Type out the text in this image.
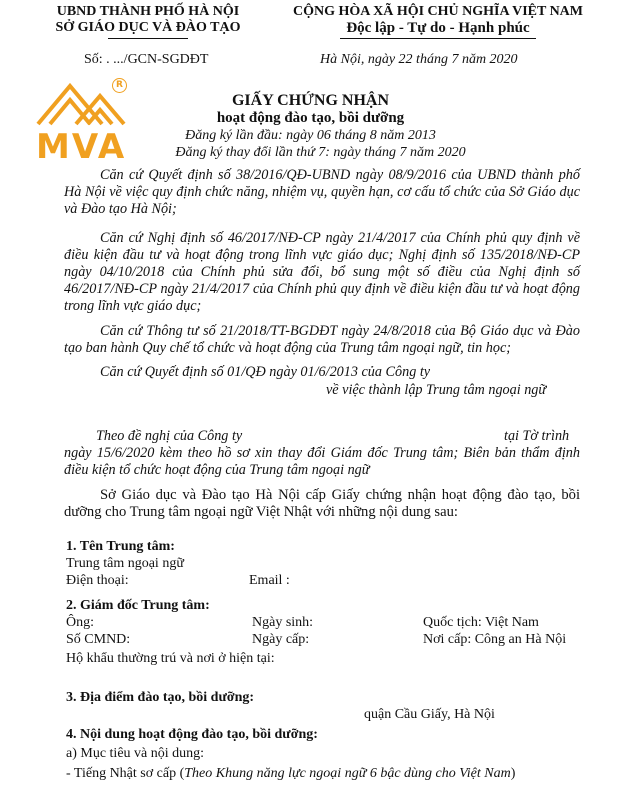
UBND THÀNH PHỐ HÀ NỘI
SỞ GIÁO DỤC VÀ ĐÀO TẠO
CỘNG HÒA XÃ HỘI CHỦ NGHĨA VIỆT NAM
Độc lập - Tự do - Hạnh phúc
Số: . .../GCN-SGDĐT	Hà Nội, ngày 22 tháng 7 năm 2020
R
MVA
GIẤY CHỨNG NHẬN
hoạt động đào tạo, bồi dưỡng
Đăng ký lần đầu: ngày 06 tháng 8 năm 2013
Đăng ký thay đổi lần thứ 7: ngày tháng 7 năm 2020
Căn cứ Quyết định số 38/2016/QĐ-UBND ngày 08/9/2016 của UBND thành phố Hà Nội về việc quy định chức năng, nhiệm vụ, quyền hạn, cơ cấu tổ chức của Sở Giáo dục và Đào tạo Hà Nội;
Căn cứ Nghị định số 46/2017/NĐ-CP ngày 21/4/2017 của Chính phủ quy định về điều kiện đầu tư và hoạt động trong lĩnh vực giáo dục; Nghị định số 135/2018/NĐ-CP ngày 04/10/2018 của Chính phủ sửa đổi, bổ sung một số điều của Nghị định số 46/2017/NĐ-CP ngày 21/4/2017 của Chính phủ quy định về điều kiện đầu tư và hoạt động trong lĩnh vực giáo dục;
Căn cứ Thông tư số 21/2018/TT-BGDĐT ngày 24/8/2018 của Bộ Giáo dục và Đào tạo ban hành Quy chế tổ chức và hoạt động của Trung tâm ngoại ngữ, tin học;
Căn cứ Quyết định số 01/QĐ ngày 01/6/2013 của Công ty
về việc thành lập Trung tâm ngoại ngữ
Theo đề nghị của Công ty	tại Tờ trình
ngày 15/6/2020 kèm theo hồ sơ xin thay đổi Giám đốc Trung tâm; Biên bản thẩm định điều kiện tổ chức hoạt động của Trung tâm ngoại ngữ
Sở Giáo dục và Đào tạo Hà Nội cấp Giấy chứng nhận hoạt động đào tạo, bồi dưỡng cho Trung tâm ngoại ngữ Việt Nhật với những nội dung sau:
1. Tên Trung tâm:
Trung tâm ngoại ngữ
Điện thoại:	Email :
2. Giám đốc Trung tâm:
Ông:	Ngày sinh:	Quốc tịch: Việt Nam
Số CMND:	Ngày cấp:	Nơi cấp: Công an Hà Nội
Hộ khẩu thường trú và nơi ở hiện tại:
3. Địa điểm đào tạo, bồi dưỡng:
quận Cầu Giấy, Hà Nội
4. Nội dung hoạt động đào tạo, bồi dưỡng:
a) Mục tiêu và nội dung:
- Tiếng Nhật sơ cấp (Theo Khung năng lực ngoại ngữ 6 bậc dùng cho Việt Nam)
